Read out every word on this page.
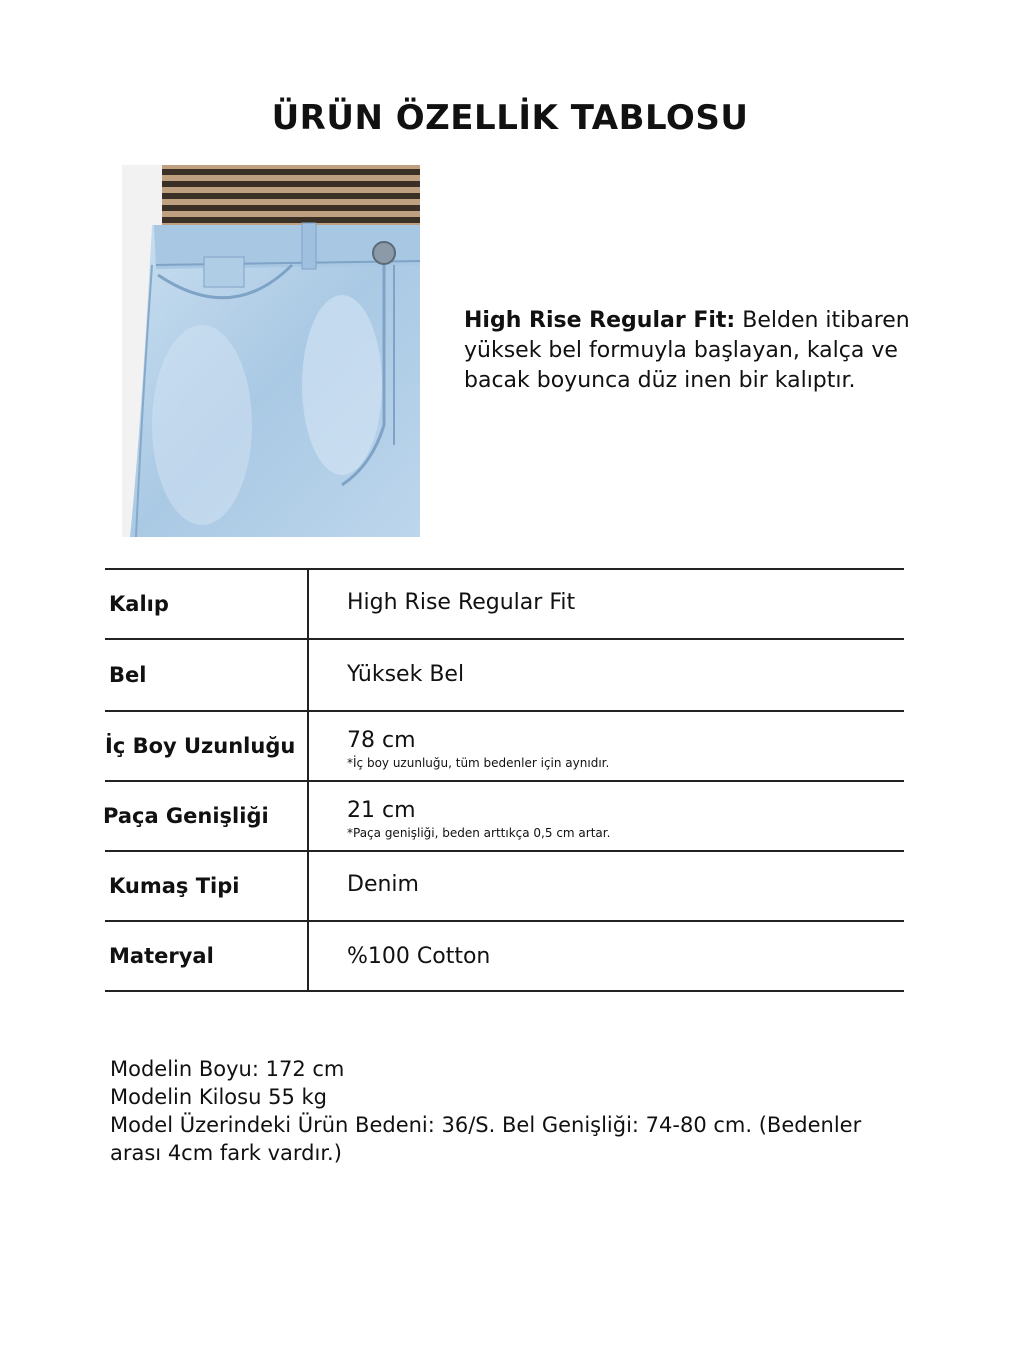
ÜRÜN ÖZELLİK TABLOSU
High Rise Regular Fit: Belden itibaren yüksek bel formuyla başlayan, kalça ve bacak boyunca düz inen bir kalıptır.
Kalıp	High Rise Regular Fit
Bel	Yüksek Bel
İç Boy Uzunluğu 78 cm
*İç boy uzunluğu, tüm bedenler için aynıdır.
Paça Genişliği	21 cm
*Paça genişliği, beden arttıkça 0,5 cm artar.
Kumaş Tipi	Denim
Materyal	%100 Cotton
Modelin Boyu: 172 cm
Modelin Kilosu 55 kg
Model Üzerindeki Ürün Bedeni: 36/S. Bel Genişliği: 74-80 cm. (Bedenler arası 4cm fark vardır.)
